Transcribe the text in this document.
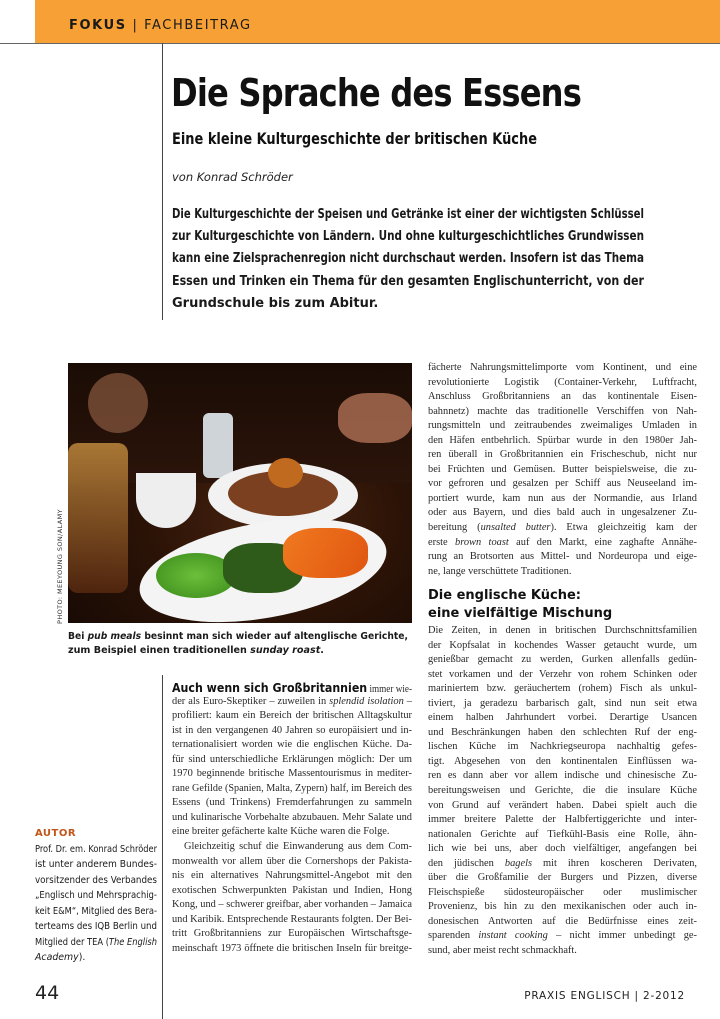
FOKUS | FACHBEITRAG
Die Sprache des Essens
Eine kleine Kulturgeschichte der britischen Küche
von Konrad Schröder
Die Kulturgeschichte der Speisen und Getränke ist einer der wichtigsten Schlüssel
zur Kulturgeschichte von Ländern. Und ohne kulturgeschichtliches Grundwissen
kann eine Zielsprachenregion nicht durchschaut werden. Insofern ist das Thema
Essen und Trinken ein Thema für den gesamten Englischunterricht, von der
Grundschule bis zum Abitur.
PHOTO: MEEYOUNG SON/ALAMY
Bei pub meals besinnt man sich wieder auf altenglische Gerichte,
zum Beispiel einen traditionellen sunday roast.
Auch wenn sich Großbritannien immer wie-
der als Euro-Skeptiker – zuweilen in splendid isolation –
profiliert: kaum ein Bereich der britischen Alltagskultur
ist in den vergangenen 40 Jahren so europäisiert und in-
ternationalisiert worden wie die englischen Küche. Da-
für sind unterschiedliche Erklärungen möglich: Der um
1970 beginnende britische Massentourismus in mediter-
rane Gefilde (Spanien, Malta, Zypern) half, im Bereich des
Essens (und Trinkens) Fremderfahrungen zu sammeln
und kulinarische Vorbehalte abzubauen. Mehr Salate und
eine breiter gefächerte kalte Küche waren die Folge.
Gleichzeitig schuf die Einwanderung aus dem Com-
monwealth vor allem über die Cornershops der Pakista-
nis ein alternatives Nahrungsmittel-Angebot mit den
exotischen Schwerpunkten Pakistan und Indien, Hong
Kong, und – schwerer greifbar, aber vorhanden – Jamaica
und Karibik. Entsprechende Restaurants folgten. Der Bei-
tritt Großbritanniens zur Europäischen Wirtschaftsge-
meinschaft 1973 öffnete die britischen Inseln für breitge-
fächerte Nahrungsmittelimporte vom Kontinent, und eine
revolutionierte Logistik (Container-Verkehr, Luftfracht,
Anschluss Großbritanniens an das kontinentale Eisen-
bahnnetz) machte das traditionelle Verschiffen von Nah-
rungsmitteln und zeitraubendes zweimaliges Umladen in
den Häfen entbehrlich. Spürbar wurde in den 1980er Jah-
ren überall in Großbritannien ein Frischeschub, nicht nur
bei Früchten und Gemüsen. Butter beispielsweise, die zu-
vor gefroren und gesalzen per Schiff aus Neuseeland im-
portiert wurde, kam nun aus der Normandie, aus Irland
oder aus Bayern, und dies bald auch in ungesalzener Zu-
bereitung (unsalted butter). Etwa gleichzeitig kam der
erste brown toast auf den Markt, eine zaghafte Annähe-
rung an Brotsorten aus Mittel- und Nordeuropa und eige-
ne, lange verschüttete Traditionen.
Die englische Küche:
eine vielfältige Mischung
Die Zeiten, in denen in britischen Durchschnittsfamilien
der Kopfsalat in kochendes Wasser getaucht wurde, um
genießbar gemacht zu werden, Gurken allenfalls gedün-
stet vorkamen und der Verzehr von rohem Schinken oder
mariniertem bzw. geräuchertem (rohem) Fisch als unkul-
tiviert, ja geradezu barbarisch galt, sind nun seit etwa
einem halben Jahrhundert vorbei. Derartige Usancen
und Beschränkungen haben den schlechten Ruf der eng-
lischen Küche im Nachkriegseuropa nachhaltig gefes-
tigt. Abgesehen von den kontinentalen Einflüssen wa-
ren es dann aber vor allem indische und chinesische Zu-
bereitungsweisen und Gerichte, die die insulare Küche
von Grund auf verändert haben. Dabei spielt auch die
immer breitere Palette der Halbfertiggerichte und inter-
nationalen Gerichte auf Tiefkühl-Basis eine Rolle, ähn-
lich wie bei uns, aber doch vielfältiger, angefangen bei
den jüdischen bagels mit ihren koscheren Derivaten,
über die Großfamilie der Burgers und Pizzen, diverse
Fleischspieße südosteuropäischer oder muslimischer
Provenienz, bis hin zu den mexikanischen oder auch in-
donesischen Antworten auf die Bedürfnisse eines zeit-
sparenden instant cooking – nicht immer unbedingt ge-
sund, aber meist recht schmackhaft.
AUTOR
Prof. Dr. em. Konrad Schröder
ist unter anderem Bundes-
vorsitzender des Verbandes
„Englisch und Mehrsprachig-
keit E&M“, Mitglied des Bera-
terteams des IQB Berlin und
Mitglied der TEA (The English
Academy).
44	PRAXIS ENGLISCH | 2-2012
